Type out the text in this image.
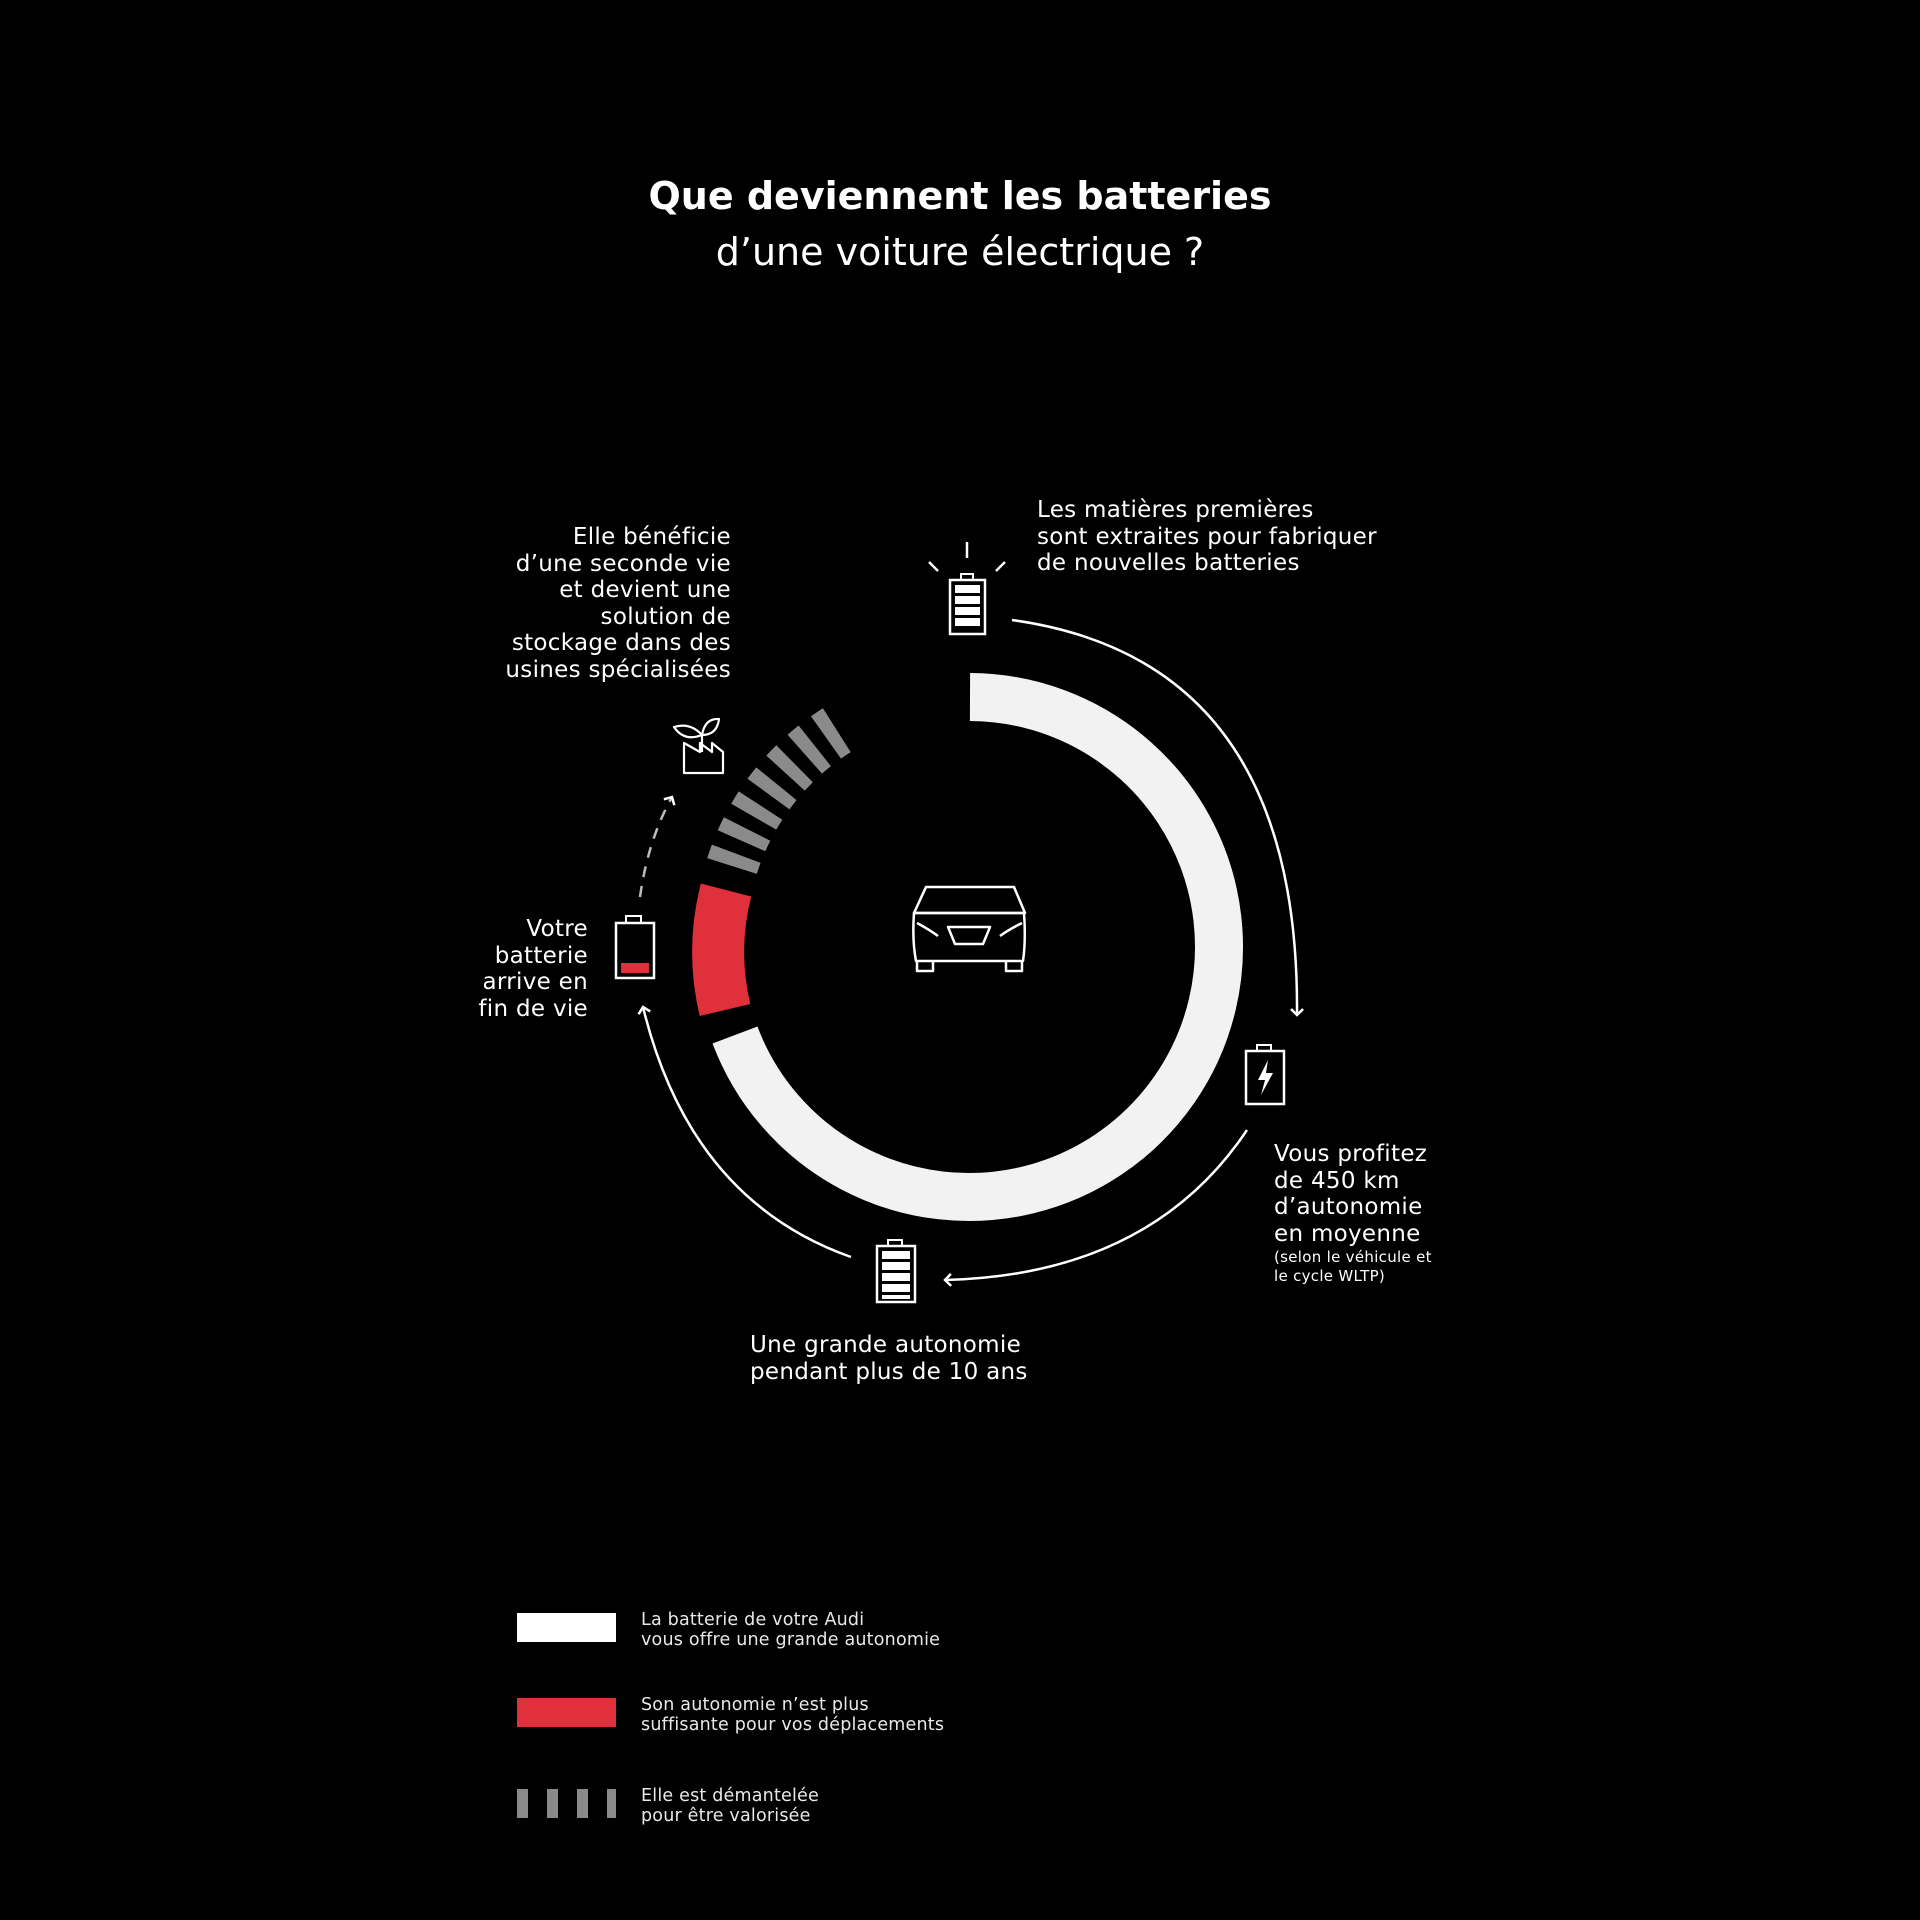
Que deviennent les batteries
d’une voiture électrique ?
Les matières premières
sont extraites pour fabriquer
de nouvelles batteries
Vous profitez
de 450 km
d’autonomie
en moyenne
(selon le véhicule et
le cycle WLTP)
Une grande autonomie
pendant plus de 10 ans
Votre
batterie
arrive en
fin de vie
Elle bénéficie
d’une seconde vie
et devient une
solution de
stockage dans des
usines spécialisées
La batterie de votre Audi
vous offre une grande autonomie
Son autonomie n’est plus
suffisante pour vos déplacements
Elle est démantelée
pour être valorisée
